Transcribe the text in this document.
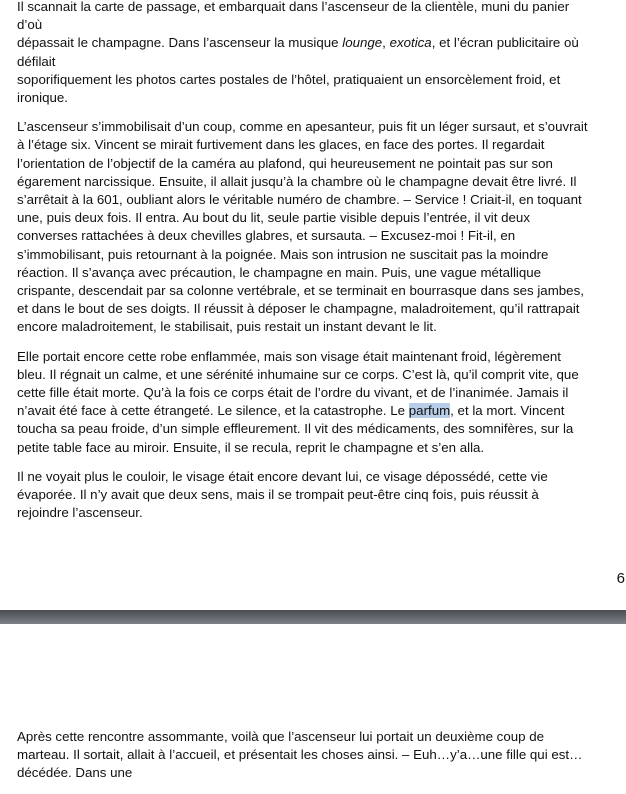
Il scannait la carte de passage, et embarquait dans l’ascenseur de la clientèle, muni du panier d’où
dépassait le champagne. Dans l’ascenseur la musique lounge, exotica, et l’écran publicitaire où défilait
soporifiquement les photos cartes postales de l’hôtel, pratiquaient un ensorcèlement froid, et
ironique.

L’ascenseur s’immobilisait d’un coup, comme en apesanteur, puis fit un léger sursaut, et s’ouvrait à l’étage six. Vincent se mirait furtivement dans les glaces, en face des portes. Il regardait l’orientation de l’objectif de la caméra au plafond, qui heureusement ne pointait pas sur son égarement narcissique. Ensuite, il allait jusqu’à la chambre où le champagne devait être livré. Il s’arrêtait à la 601, oubliant alors le véritable numéro de chambre. – Service ! Criait-il, en toquant une, puis deux fois. Il entra. Au bout du lit, seule partie visible depuis l’entrée, il vit deux converses rattachées à deux chevilles glabres, et sursauta. – Excusez-moi ! Fit-il, en s’immobilisant, puis retournant à la poignée. Mais son intrusion ne suscitait pas la moindre réaction. Il s’avança avec précaution, le champagne en main. Puis, une vague métallique crispante, descendait par sa colonne vertébrale, et se terminait en bourrasque dans ses jambes, et dans le bout de ses doigts. Il réussit à déposer le champagne, maladroitement, qu’il rattrapait encore maladroitement, le stabilisait, puis restait un instant devant le lit.

Elle portait encore cette robe enflammée, mais son visage était maintenant froid, légèrement bleu. Il régnait un calme, et une sérénité inhumaine sur ce corps. C’est là, qu’il comprit vite, que cette fille était morte. Qu’à la fois ce corps était de l’ordre du vivant, et de l’inanimée. Jamais il n’avait été face à cette étrangeté. Le silence, et la catastrophe. Le parfum, et la mort. Vincent toucha sa peau froide, d’un simple effleurement. Il vit des médicaments, des somnifères, sur la petite table face au miroir. Ensuite, il se recula, reprit le champagne et s’en alla.

Il ne voyait plus le couloir, le visage était encore devant lui, ce visage dépossédé, cette vie évaporée. Il n’y avait que deux sens, mais il se trompait peut-être cinq fois, puis réussit à rejoindre l’ascenseur.

6

Après cette rencontre assommante, voilà que l’ascenseur lui portait un deuxième coup de marteau. Il sortait, allait à l’accueil, et présentait les choses ainsi. – Euh…y’a…une fille qui est…décédée. Dans une
